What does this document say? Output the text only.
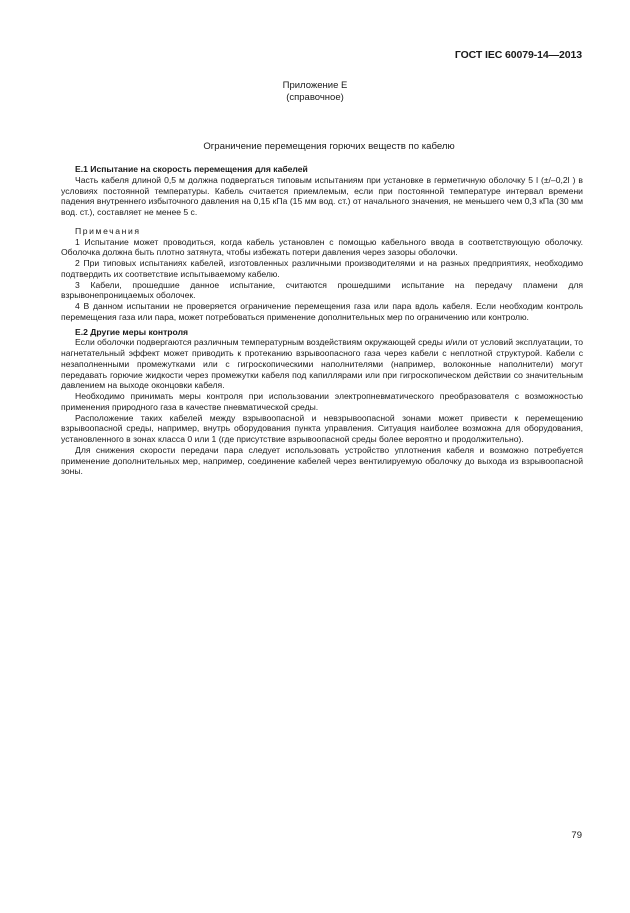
ГОСТ IEC 60079-14—2013
Приложение Е
(справочное)
Ограничение перемещения горючих веществ по кабелю

Е.1 Испытание на скорость перемещения для кабелей

Часть кабеля длиной 0,5 м должна подвергаться типовым испытаниям при установке в герметичную оболочку 5 l (±/–0,2l ) в условиях постоянной температуры. Кабель считается приемлемым, если при постоянной температуре интервал времени падения внутреннего избыточного давления на 0,15 кПа (15 мм вод. ст.) от начального значения, не меньшего чем 0,3 кПа (30 мм вод. ст.), составляет не менее 5 с.

Примечания

1 Испытание может проводиться, когда кабель установлен с помощью кабельного ввода в соответствующую оболочку. Оболочка должна быть плотно затянута, чтобы избежать потери давления через зазоры оболочки.

2 При типовых испытаниях кабелей, изготовленных различными производителями и на разных предприятиях, необходимо подтвердить их соответствие испытываемому кабелю.

3 Кабели, прошедшие данное испытание, считаются прошедшими испытание на передачу пламени для взрывонепроницаемых оболочек.

4 В данном испытании не проверяется ограничение перемещения газа или пара вдоль кабеля. Если необходим контроль перемещения газа или пара, может потребоваться применение дополнительных мер по ограничению или контролю.

Е.2 Другие меры контроля

Если оболочки подвергаются различным температурным воздействиям окружающей среды и/или от условий эксплуатации, то нагнетательный эффект может приводить к протеканию взрывоопасного газа через кабели с неплотной структурой. Кабели с незаполненными промежутками или с гигроскопическими наполнителями (например, волоконные наполнители) могут передавать горючие жидкости через промежутки кабеля под капиллярами или при гигроскопическом действии со значительным давлением на выходе оконцовки кабеля.

Необходимо принимать меры контроля при использовании электропневматического преобразователя с возможностью применения природного газа в качестве пневматической среды.

Расположение таких кабелей между взрывоопасной и невзрывоопасной зонами может привести к перемещению взрывоопасной среды, например, внутрь оборудования пункта управления. Ситуация наиболее возможна для оборудования, установленного в зонах класса 0 или 1 (где присутствие взрывоопасной среды более вероятно и продолжительно).

Для снижения скорости передачи пара следует использовать устройство уплотнения кабеля и возможно потребуется применение дополнительных мер, например, соединение кабелей через вентилируемую оболочку до выхода из взрывоопасной зоны.

79
